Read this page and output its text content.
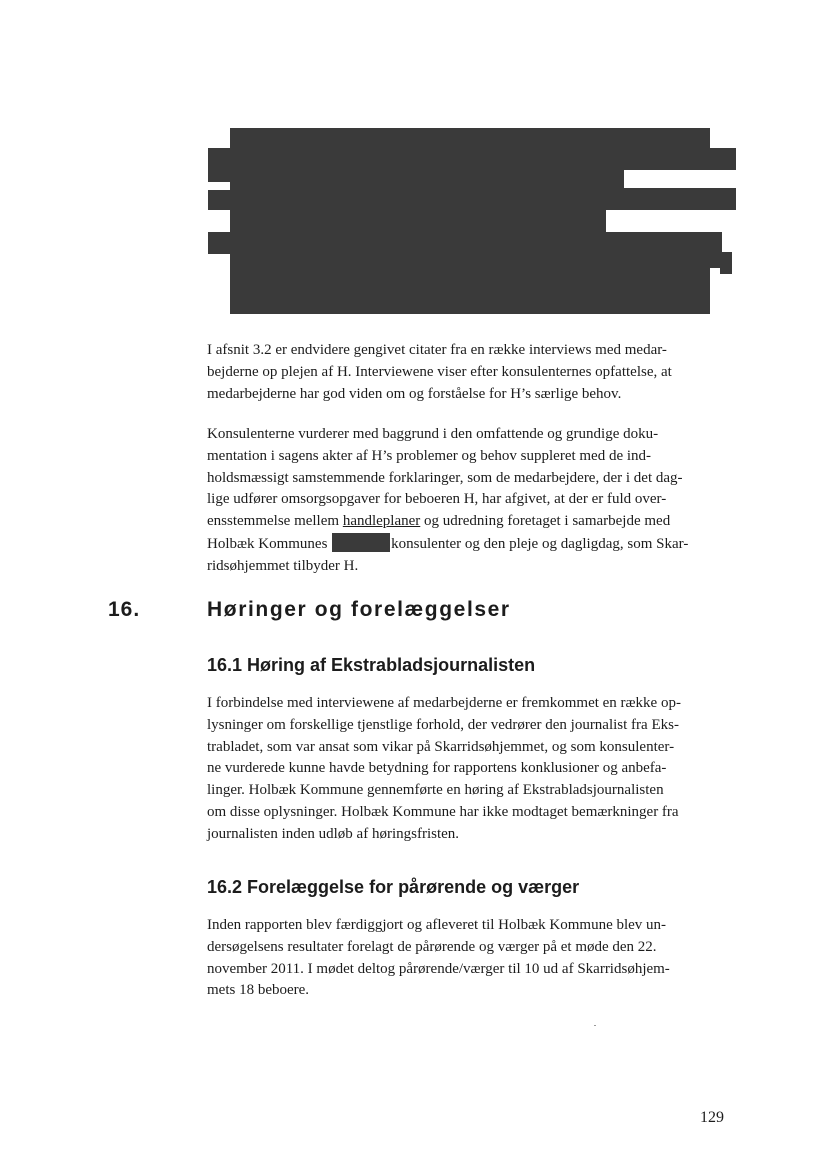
I afsnit 3.2 er endvidere gengivet citater fra en række interviews med medar-
bejderne op plejen af H. Interviewene viser efter konsulenternes opfattelse, at
medarbejderne har god viden om og forståelse for H’s særlige behov.

Konsulenterne vurderer med baggrund i den omfattende og grundige doku-
mentation i sagens akter af H’s problemer og behov suppleret med de ind-
holdsmæssigt samstemmende forklaringer, som de medarbejdere, der i det dag-
lige udfører omsorgsopgaver for beboeren H, har afgivet, at der er fuld over-
ensstemmelse mellem handleplaner og udredning foretaget i samarbejde med
Holbæk Kommunes	konsulenter og den pleje og dagligdag, som Skar-
ridsøhjemmet tilbyder H.

16.	Høringer og forelæggelser
16.1 Høring af Ekstrabladsjournalisten

I forbindelse med interviewene af medarbejderne er fremkommet en række op-
lysninger om forskellige tjenstlige forhold, der vedrører den journalist fra Eks-
trabladet, som var ansat som vikar på Skarridsøhjemmet, og som konsulenter-
ne vurderede kunne havde betydning for rapportens konklusioner og anbefa-
linger. Holbæk Kommune gennemførte en høring af Ekstrabladsjournalisten
om disse oplysninger. Holbæk Kommune har ikke modtaget bemærkninger fra
journalisten inden udløb af høringsfristen.

16.2 Forelæggelse for pårørende og værger

Inden rapporten blev færdiggjort og afleveret til Holbæk Kommune blev un-
dersøgelsens resultater forelagt de pårørende og værger på et møde den 22.
november 2011. I mødet deltog pårørende/værger til 10 ud af Skarridsøhjem-
mets 18 beboere.

129
